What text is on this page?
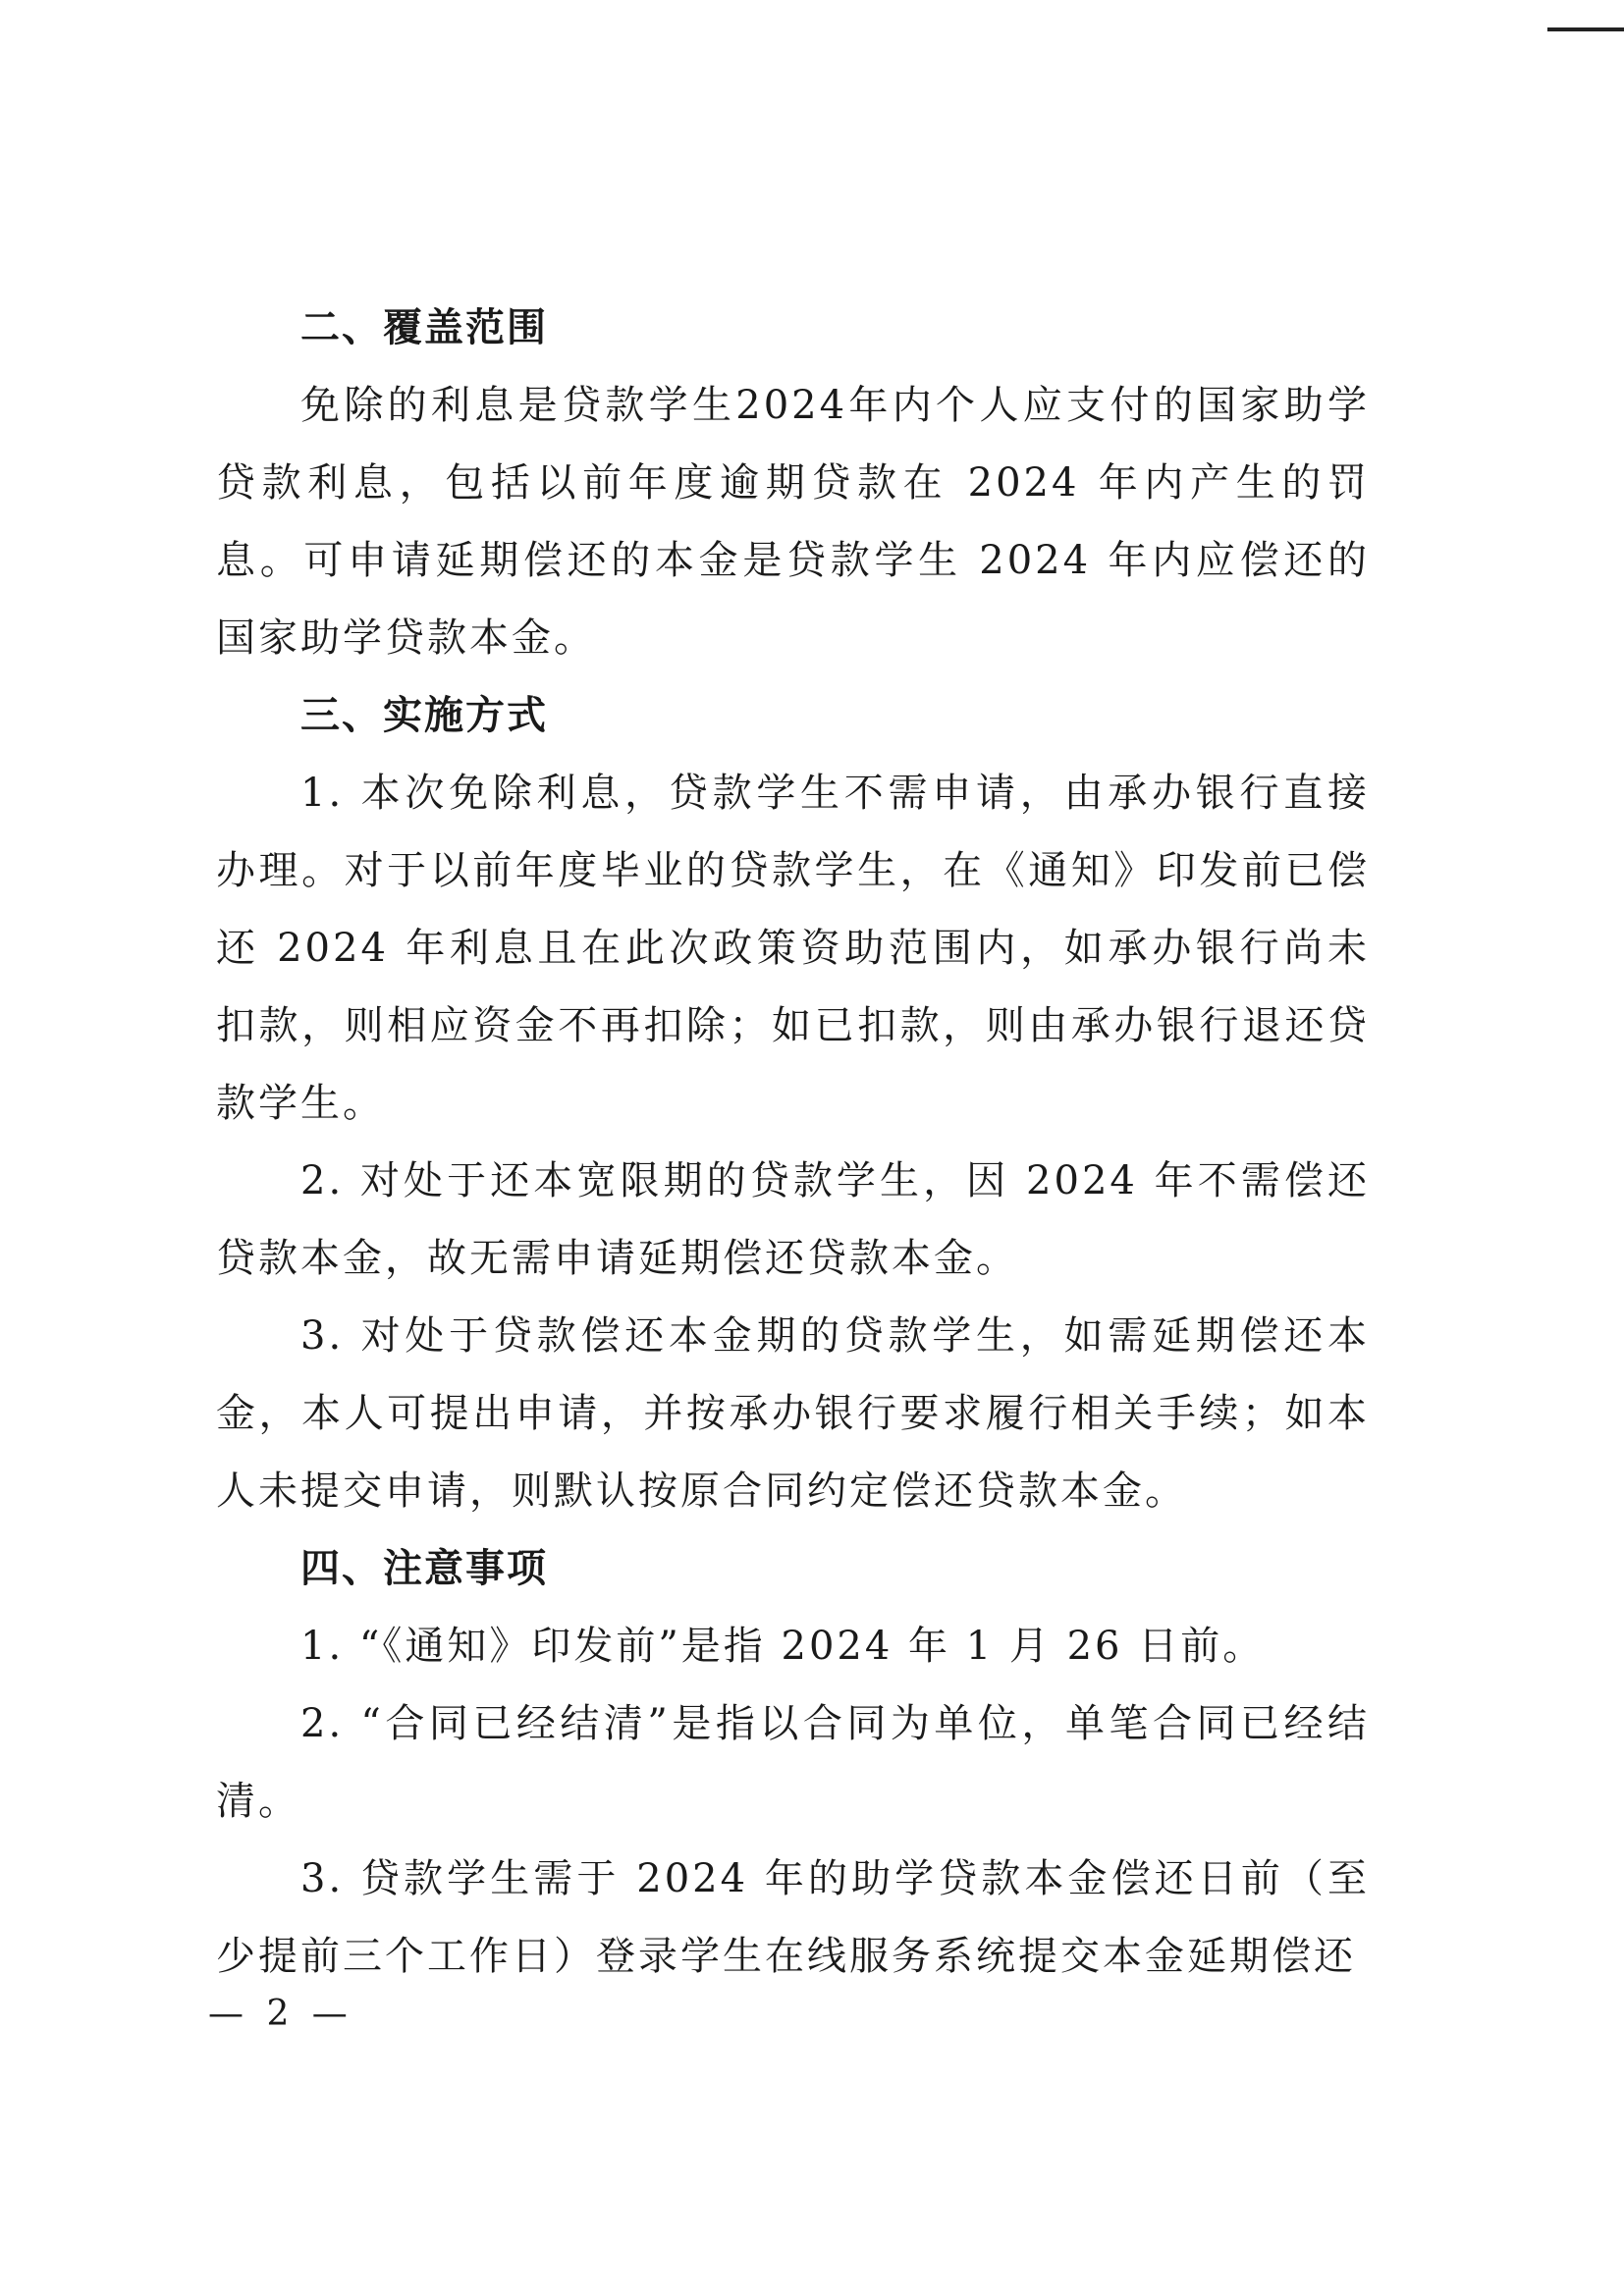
二、覆盖范围

免除的利息是贷款学生2024年内个人应支付的国家助学贷款利息，包括以前年度逾期贷款在 2024 年内产生的罚息。可申请延期偿还的本金是贷款学生 2024 年内应偿还的国家助学贷款本金。

三、实施方式

1. 本次免除利息，贷款学生不需申请，由承办银行直接办理。对于以前年度毕业的贷款学生，在《通知》印发前已偿还 2024 年利息且在此次政策资助范围内，如承办银行尚未扣款，则相应资金不再扣除；如已扣款，则由承办银行退还贷款学生。

2. 对处于还本宽限期的贷款学生，因 2024 年不需偿还贷款本金，故无需申请延期偿还贷款本金。

3. 对处于贷款偿还本金期的贷款学生，如需延期偿还本金，本人可提出申请，并按承办银行要求履行相关手续；如本人未提交申请，则默认按原合同约定偿还贷款本金。

四、注意事项

1. “《通知》印发前”是指 2024 年 1 月 26 日前。

2. “合同已经结清”是指以合同为单位，单笔合同已经结清。

3. 贷款学生需于 2024 年的助学贷款本金偿还日前（至少提前三个工作日）登录学生在线服务系统提交本金延期偿还

— 2 —
